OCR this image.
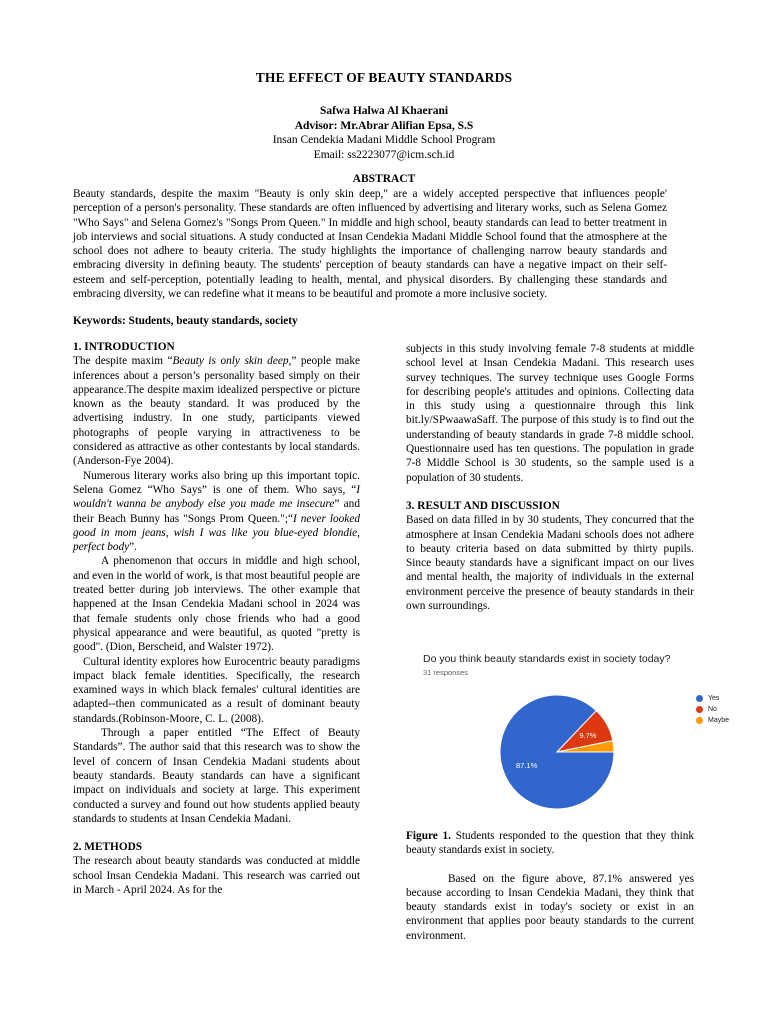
THE EFFECT OF BEAUTY STANDARDS
Safwa Halwa Al Khaerani
Advisor: Mr.Abrar Alifian Epsa, S.S
Insan Cendekia Madani Middle School Program
Email: ss2223077@icm.sch.id
ABSTRACT

Beauty standards, despite the maxim "Beauty is only skin deep," are a widely accepted perspective that influences people' perception of a person's personality. These standards are often influenced by advertising and literary works, such as Selena Gomez "Who Says" and Selena Gomez's "Songs Prom Queen." In middle and high school, beauty standards can lead to better treatment in job interviews and social situations. A study conducted at Insan Cendekia Madani Middle School found that the atmosphere at the school does not adhere to beauty criteria. The study highlights the importance of challenging narrow beauty standards and embracing diversity in defining beauty. The students' perception of beauty standards can have a negative impact on their self-esteem and self-perception, potentially leading to health, mental, and physical disorders. By challenging these standards and embracing diversity, we can redefine what it means to be beautiful and promote a more inclusive society.

Keywords: Students, beauty standards, society

1. INTRODUCTION

The despite maxim “Beauty is only skin deep,” people make inferences about a person’s personality based simply on their appearance.The despite maxim idealized perspective or picture known as the beauty standard. It was produced by the advertising industry. In one study, participants viewed photographs of people varying in attractiveness to be considered as attractive as other contestants by local standards. (Anderson-Fye 2004).

Numerous literary works also bring up this important topic. Selena Gomez “Who Says” is one of them. Who says, “I wouldn't wanna be anybody else you made me insecure” and their Beach Bunny has "Songs Prom Queen.";“I never looked good in mom jeans, wish I was like you blue-eyed blondie, perfect body”.

A phenomenon that occurs in middle and high school, and even in the world of work, is that most beautiful people are treated better during job interviews. The other example that happened at the Insan Cendekia Madani school in 2024 was that female students only chose friends who had a good physical appearance and were beautiful, as quoted "pretty is good". (Dion, Berscheid, and Walster 1972).

Cultural identity explores how Eurocentric beauty paradigms impact black female identities. Specifically, the research examined ways in which black females' cultural identities are adapted--then communicated as a result of dominant beauty standards.(Robinson-Moore, C. L. (2008).

Through a paper entitled “The Effect of Beauty Standards”. The author said that this research was to show the level of concern of Insan Cendekia Madani students about beauty standards. Beauty standards can have a significant impact on individuals and society at large. This experiment conducted a survey and found out how students applied beauty standards to students at Insan Cendekia Madani.

2. METHODS

The research about beauty standards was conducted at middle school Insan Cendekia Madani. This research was carried out in March - April 2024. As for the

subjects in this study involving female 7-8 students at middle school level at Insan Cendekia Madani. This research uses survey techniques. The survey technique uses Google Forms for describing people's attitudes and opinions. Collecting data in this study using a questionnaire through this link bit.ly/SPwaawaSaff. The purpose of this study is to find out the understanding of beauty standards in grade 7-8 middle school. Questionnaire used has ten questions. The population in grade 7-8 Middle School is 30 students, so the sample used is a population of 30 students.

3. RESULT AND DISCUSSION

Based on data filled in by 30 students, They concurred that the atmosphere at Insan Cendekia Madani schools does not adhere to beauty criteria based on data submitted by thirty pupils. Since beauty standards have a significant impact on our lives and mental health, the majority of individuals in the external environment perceive the presence of beauty standards in their own surroundings.

Do you think beauty standards exist in society today?
31 responses
87.1%
9.7%
Yes
No
Maybe

Figure 1. Students responded to the question that they think beauty standards exist in society.

Based on the figure above, 87.1% answered yes because according to Insan Cendekia Madani, they think that beauty standards exist in today's society or exist in an environment that applies poor beauty standards to the current environment.
